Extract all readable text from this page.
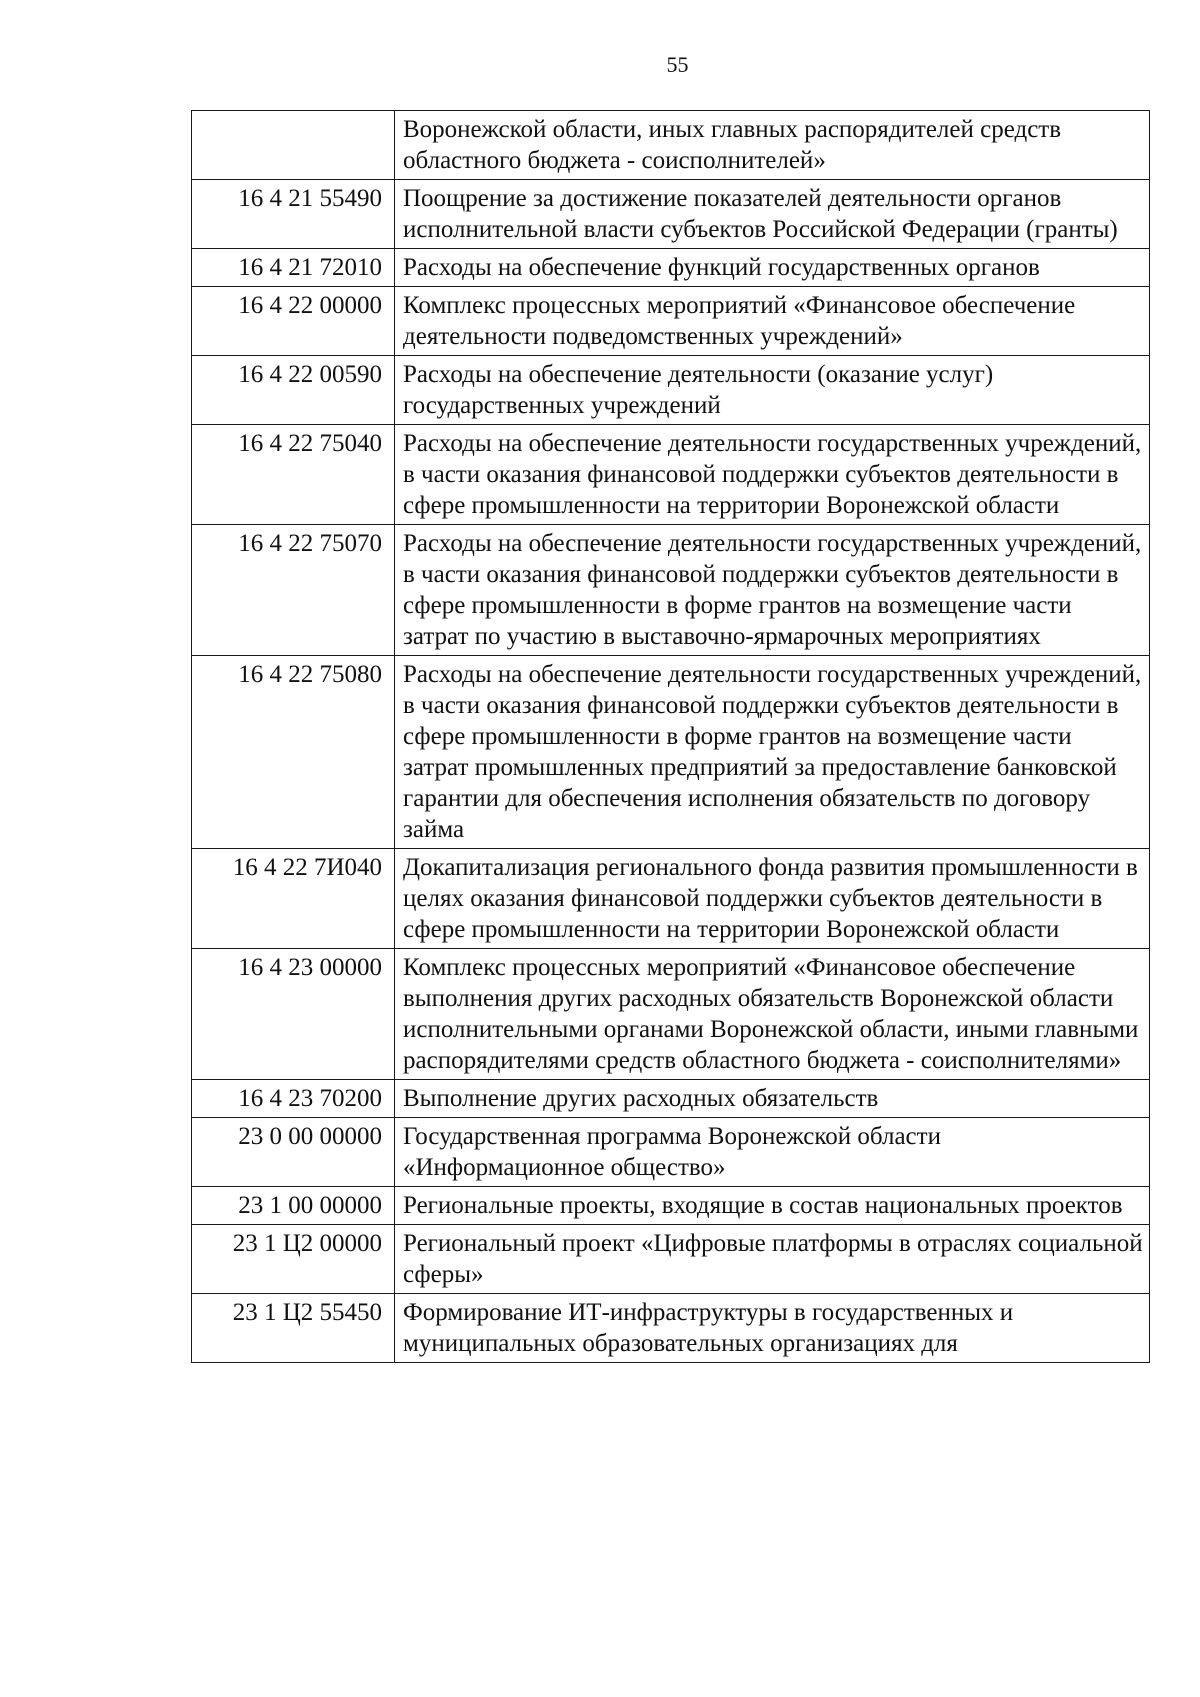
55
	Воронежской области, иных главных распорядителей средств областного бюджета - соисполнителей»
16 4 21 55490	Поощрение за достижение показателей деятельности органов исполнительной власти субъектов Российской Федерации (гранты)
16 4 21 72010	Расходы на обеспечение функций государственных органов
16 4 22 00000	Комплекс процессных мероприятий «Финансовое обеспечение деятельности подведомственных учреждений»
16 4 22 00590	Расходы на обеспечение деятельности (оказание услуг) государственных учреждений
16 4 22 75040	Расходы на обеспечение деятельности государственных учреждений, в части оказания финансовой поддержки субъектов деятельности в сфере промышленности на территории Воронежской области
16 4 22 75070	Расходы на обеспечение деятельности государственных учреждений, в части оказания финансовой поддержки субъектов деятельности в сфере промышленности в форме грантов на возмещение части затрат по участию в выставочно-ярмарочных мероприятиях
16 4 22 75080	Расходы на обеспечение деятельности государственных учреждений, в части оказания финансовой поддержки субъектов деятельности в сфере промышленности в форме грантов на возмещение части затрат промышленных предприятий за предоставление банковской гарантии для обеспечения исполнения обязательств по договору займа
16 4 22 7И040	Докапитализация регионального фонда развития промышленности в целях оказания финансовой поддержки субъектов деятельности в сфере промышленности на территории Воронежской области
16 4 23 00000	Комплекс процессных мероприятий «Финансовое обеспечение выполнения других расходных обязательств Воронежской области исполнительными органами Воронежской области, иными главными распорядителями средств областного бюджета - соисполнителями»
16 4 23 70200	Выполнение других расходных обязательств
23 0 00 00000	Государственная программа Воронежской области «Информационное общество»
23 1 00 00000	Региональные проекты, входящие в состав национальных проектов
23 1 Ц2 00000	Региональный проект «Цифровые платформы в отраслях социальной сферы»
23 1 Ц2 55450	Формирование ИТ-инфраструктуры в государственных и муниципальных образовательных организациях для
